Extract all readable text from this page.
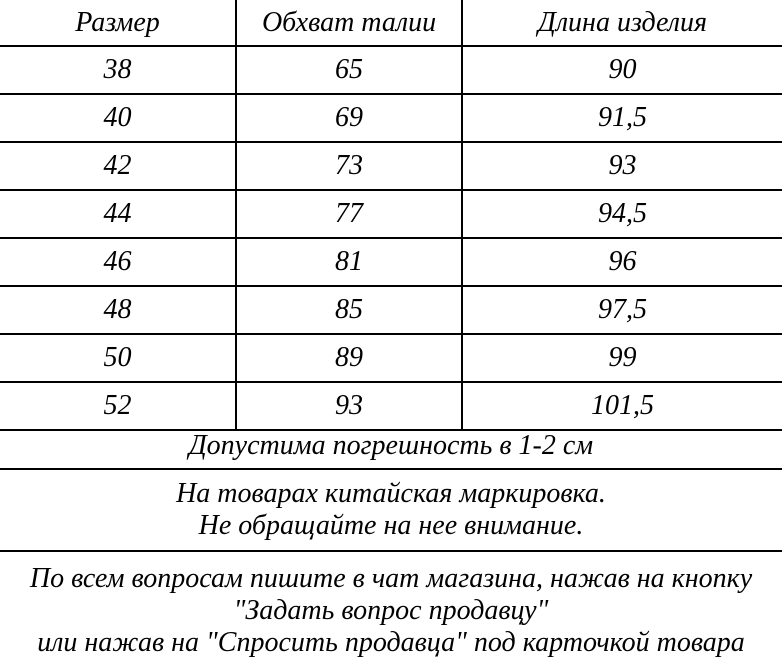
Размер	Обхват талии	Длина изделия
38	65	90
40	69	91,5
42	73	93
44	77	94,5
46	81	96
48	85	97,5
50	89	99
52	93	101,5
Допустима погрешность в 1-2 см
На товарах китайская маркировка.
Не обращайте на нее внимание.
По всем вопросам пишите в чат магазина, нажав на кнопку
"Задать вопрос продавцу"
или нажав на "Спросить продавца" под карточкой товара
